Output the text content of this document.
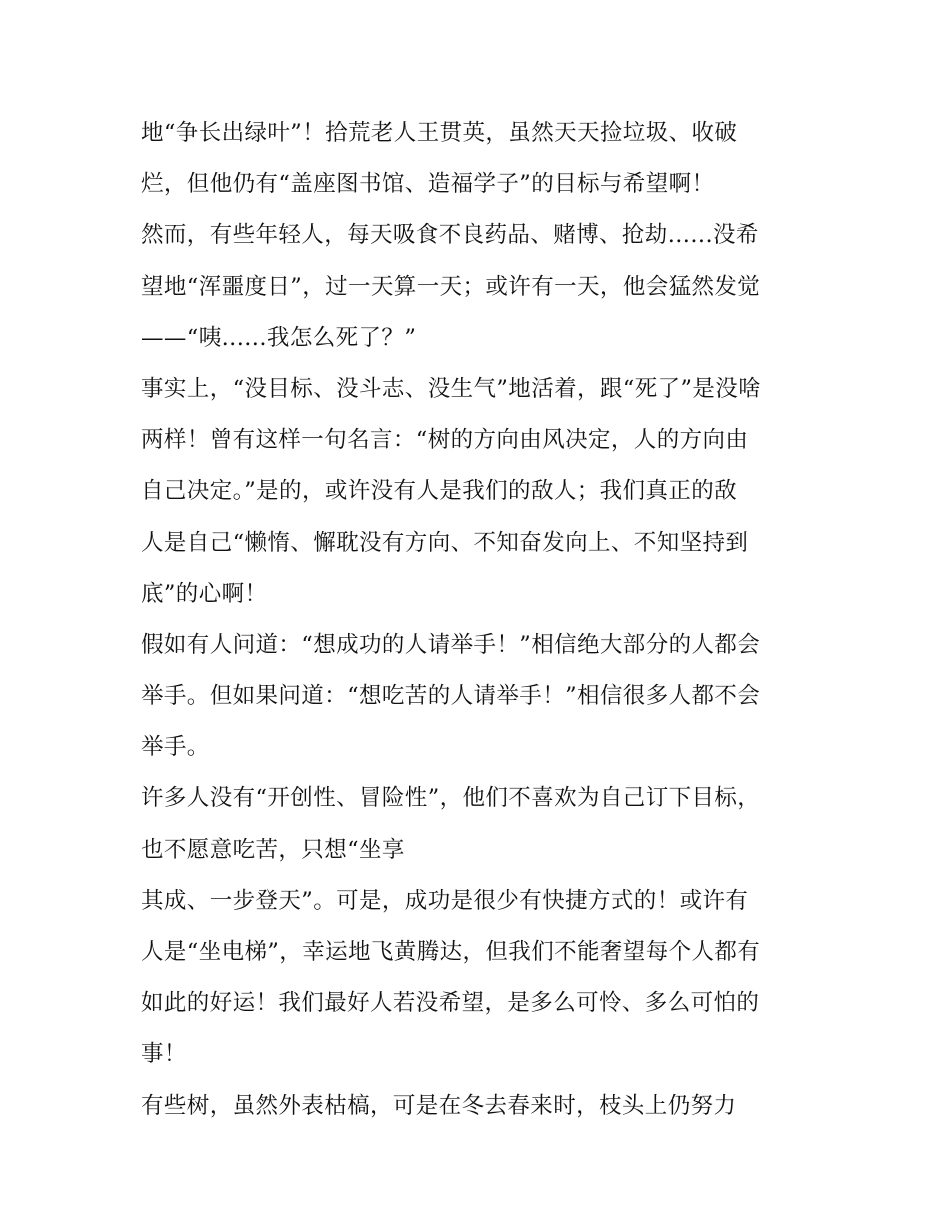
地“争长出绿叶”！拾荒老人王贯英，虽然天天捡垃圾、收破
烂，但他仍有“盖座图书馆、造福学子”的目标与希望啊！
然而，有些年轻人，每天吸食不良药品、赌博、抢劫......没希
望地“浑噩度日”，过一天算一天；或许有一天，他会猛然发觉
——“咦......我怎么死了？”
事实上，“没目标、没斗志、没生气”地活着，跟“死了”是没啥
两样！曾有这样一句名言：“树的方向由风决定，人的方向由
自己决定。”是的，或许没有人是我们的敌人；我们真正的敌
人是自己“懒惰、懈耽没有方向、不知奋发向上、不知坚持到
底”的心啊！
假如有人问道：“想成功的人请举手！”相信绝大部分的人都会
举手。但如果问道：“想吃苦的人请举手！”相信很多人都不会
举手。
许多人没有“开创性、冒险性”，他们不喜欢为自己订下目标，
也不愿意吃苦，只想“坐享
其成、一步登天”。可是，成功是很少有快捷方式的！或许有
人是“坐电梯”，幸运地飞黄腾达，但我们不能奢望每个人都有
如此的好运！我们最好人若没希望，是多么可怜、多么可怕的
事！
有些树，虽然外表枯槁，可是在冬去春来时，枝头上仍努力
